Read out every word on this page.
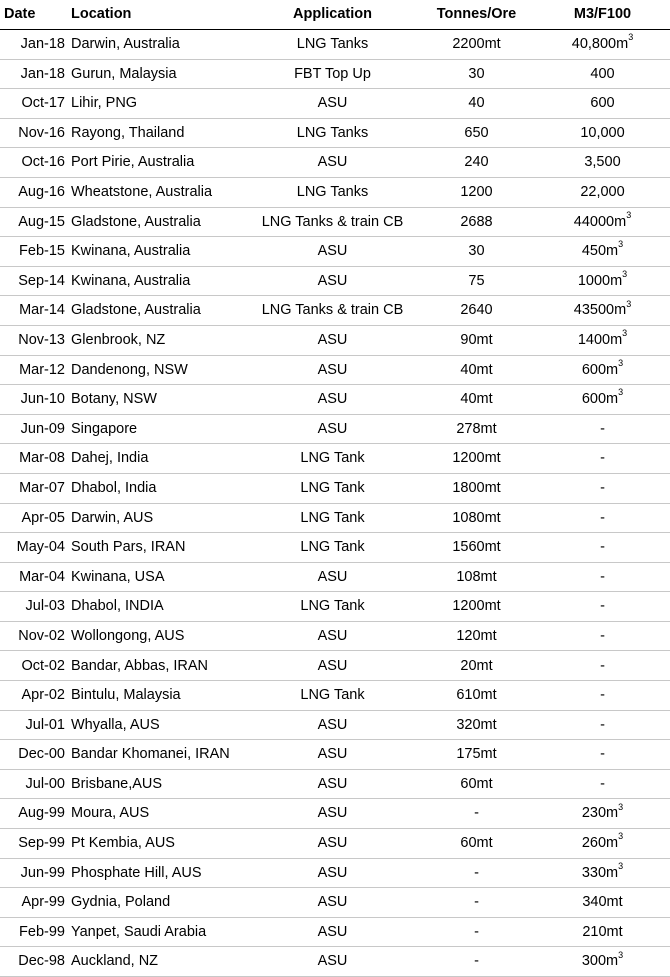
Date	Location	Application	Tonnes/Ore	M3/F100
Jan-18	Darwin, Australia	LNG Tanks	2200mt	$40,800m^3$
Jan-18	Gurun, Malaysia	FBT Top Up	30	400
Oct-17	Lihir, PNG	ASU	40	600
Nov-16	Rayong, Thailand	LNG Tanks	650	10,000
Oct-16	Port Pirie, Australia	ASU	240	3,500
Aug-16	Wheatstone, Australia	LNG Tanks	1200	22,000
Aug-15	Gladstone, Australia	LNG Tanks & train CB	2688	$44000m^3$
Feb-15	Kwinana, Australia	ASU	30	$450m^3$
Sep-14	Kwinana, Australia	ASU	75	$1000m^3$
Mar-14	Gladstone, Australia	LNG Tanks & train CB	2640	$43500m^3$
Nov-13	Glenbrook, NZ	ASU	90mt	$1400m^3$
Mar-12	Dandenong, NSW	ASU	40mt	$600m^3$
Jun-10	Botany, NSW	ASU	40mt	$600m^3$
Jun-09	Singapore	ASU	278mt	-
Mar-08	Dahej, India	LNG Tank	1200mt	-
Mar-07	Dhabol, India	LNG Tank	1800mt	-
Apr-05	Darwin, AUS	LNG Tank	1080mt	-
May-04	South Pars, IRAN	LNG Tank	1560mt	-
Mar-04	Kwinana, USA	ASU	108mt	-
Jul-03	Dhabol, INDIA	LNG Tank	1200mt	-
Nov-02	Wollongong, AUS	ASU	120mt	-
Oct-02	Bandar, Abbas, IRAN	ASU	20mt	-
Apr-02	Bintulu, Malaysia	LNG Tank	610mt	-
Jul-01	Whyalla, AUS	ASU	320mt	-
Dec-00	Bandar Khomanei, IRAN	ASU	175mt	-
Jul-00	Brisbane,AUS	ASU	60mt	-
Aug-99	Moura, AUS	ASU	-	$230m^3$
Sep-99	Pt Kembia, AUS	ASU	60mt	$260m^3$
Jun-99	Phosphate Hill, AUS	ASU	-	$330m^3$
Apr-99	Gydnia, Poland	ASU	-	340mt
Feb-99	Yanpet, Saudi Arabia	ASU	-	210mt
Dec-98	Auckland, NZ	ASU	-	$300m^3$
